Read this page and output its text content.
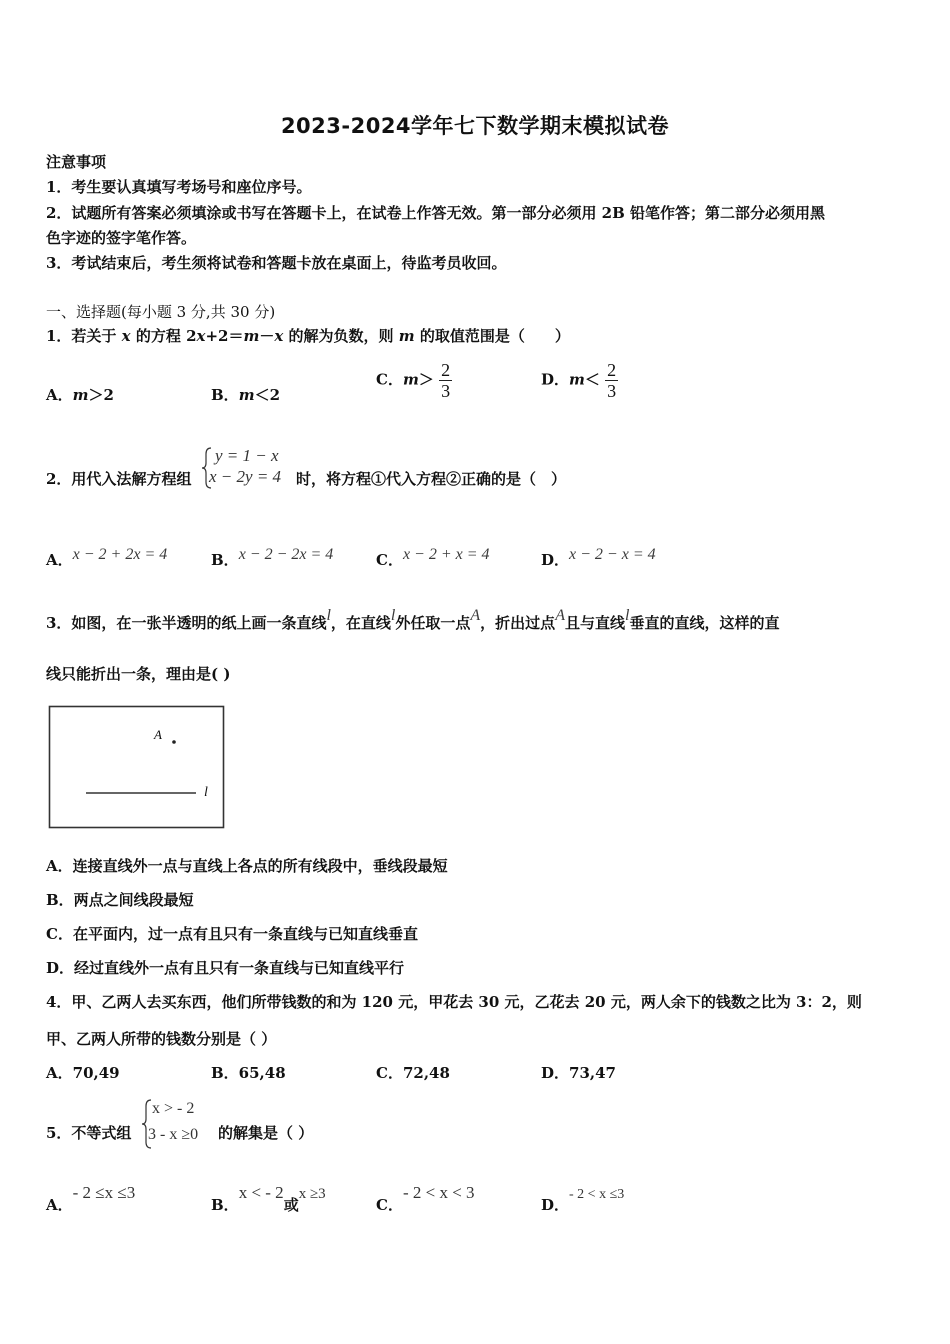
2023-2024学年七下数学期末模拟试卷
注意事项
1．考生要认真填写考场号和座位序号。
2．试题所有答案必须填涂或书写在答题卡上，在试卷上作答无效。第一部分必须用 2B 铅笔作答；第二部分必须用黑
色字迹的签字笔作答。
3．考试结束后，考生须将试卷和答题卡放在桌面上，待监考员收回。
一、选择题(每小题 3 分,共 30 分)
1．若关于 x 的方程 2x+2＝m－x 的解为负数，则 m 的取值范围是（　　）
A．m＞2	B．m＜2
C．$m> \frac{2}{3}$	D．$m< \frac{2}{3}$
2．用代入法解方程组
y = 1 − x
x − 2y = 4 时，将方程①代入方程②正确的是（　）
A．x − 2 + 2x = 4	B．x − 2 − 2x = 4	C．x − 2 + x = 4	D．x − 2 − x = 4
3．如图，在一张半透明的纸上画一条直线l，在直线l外任取一点A，折出过点A且与直线l垂直的直线，这样的直
线只能折出一条，理由是( )
A
l
A．连接直线外一点与直线上各点的所有线段中，垂线段最短
B．两点之间线段最短
C．在平面内，过一点有且只有一条直线与已知直线垂直
D．经过直线外一点有且只有一条直线与已知直线平行
4．甲、乙两人去买东西，他们所带钱数的和为 120 元，甲花去 30 元，乙花去 20 元，两人余下的钱数之比为 3：2，则
甲、乙两人所带的钱数分别是（ ）
A．70,49	B．65,48	C．72,48	D．73,47
5．不等式组
x > - 2
3 - x ≥0 的解集是（ ）
A．- 2 ≤x ≤3
B．x < - 2或x ≥3
C．- 2 < x < 3
D．- 2 < x ≤3
